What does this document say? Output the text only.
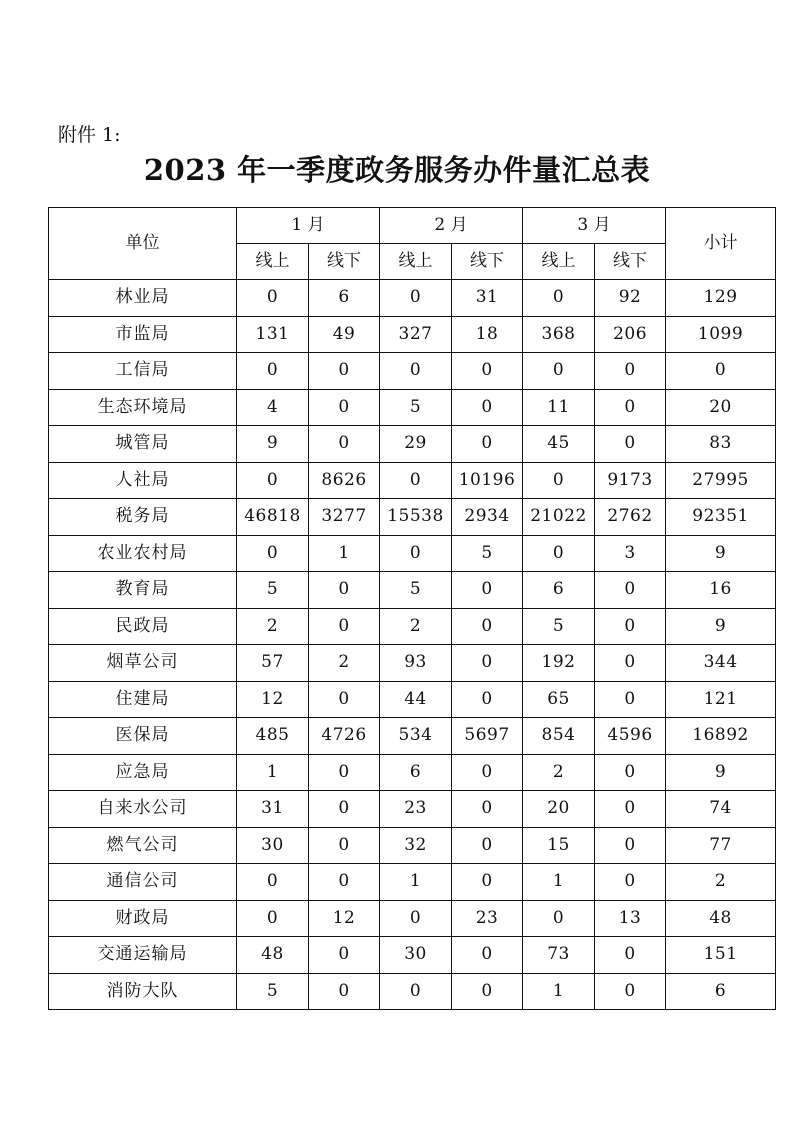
附件 1:
2023 年一季度政务服务办件量汇总表
单位	1 月		2 月		3 月		小计
	线上	线下	线上	线下	线上	线下	
林业局	0	6	0	31	0	92	129
市监局	131	49	327	18	368	206	1099
工信局	0	0	0	0	0	0	0
生态环境局	4	0	5	0	11	0	20
城管局	9	0	29	0	45	0	83
人社局	0	8626	0	10196	0	9173	27995
税务局	46818	3277	15538	2934	21022	2762	92351
农业农村局	0	1	0	5	0	3	9
教育局	5	0	5	0	6	0	16
民政局	2	0	2	0	5	0	9
烟草公司	57	2	93	0	192	0	344
住建局	12	0	44	0	65	0	121
医保局	485	4726	534	5697	854	4596	16892
应急局	1	0	6	0	2	0	9
自来水公司	31	0	23	0	20	0	74
燃气公司	30	0	32	0	15	0	77
通信公司	0	0	1	0	1	0	2
财政局	0	12	0	23	0	13	48
交通运输局	48	0	30	0	73	0	151
消防大队	5	0	0	0	1	0	6
